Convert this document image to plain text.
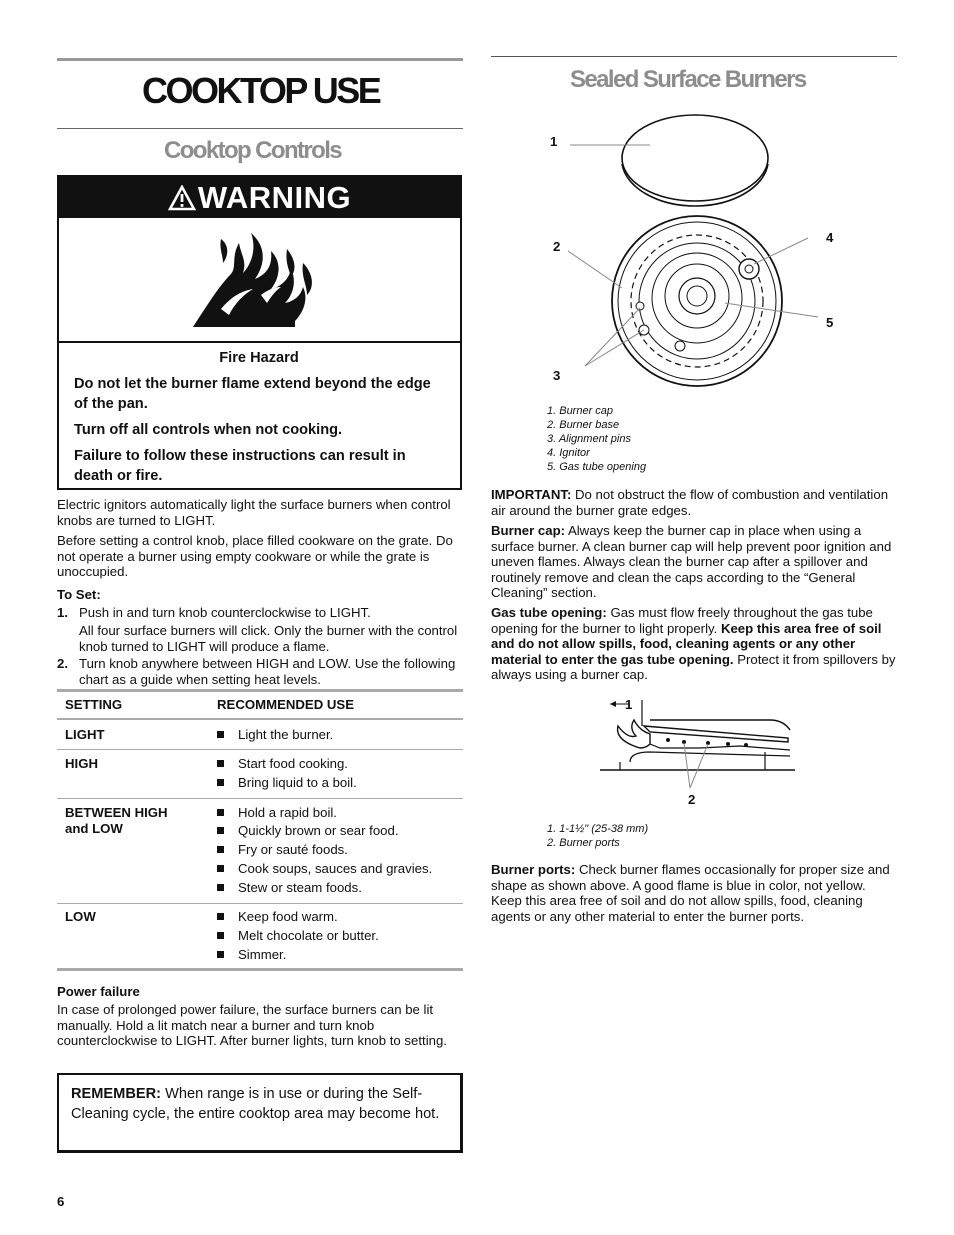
COOKTOP USE
Cooktop Controls
WARNING
Fire Hazard
Do not let the burner flame extend beyond the edge of the pan.
Turn off all controls when not cooking.
Failure to follow these instructions can result in death or fire.

Electric ignitors automatically light the surface burners when control knobs are turned to LIGHT.

Before setting a control knob, place filled cookware on the grate. Do not operate a burner using empty cookware or while the grate is unoccupied.

To Set:

1. Push in and turn knob counterclockwise to LIGHT.

All four surface burners will click. Only the burner with the control knob turned to LIGHT will produce a flame.

2. Turn knob anywhere between HIGH and LOW. Use the following chart as a guide when setting heat levels.

SETTING	RECOMMENDED USE
LIGHT	Light the burner.
HIGH	Start food cooking.
Bring liquid to a boil.
BETWEEN HIGH and LOW
Hold a rapid boil.
Quickly brown or sear food.
Fry or sauté foods.
Cook soups, sauces and gravies.
Stew or steam foods.
LOW	Keep food warm.
Melt chocolate or butter.
Simmer.

Power failure

In case of prolonged power failure, the surface burners can be lit manually. Hold a lit match near a burner and turn knob counterclockwise to LIGHT. After burner lights, turn knob to setting.

REMEMBER: When range is in use or during the Self-Cleaning cycle, the entire cooktop area may become hot.

6

Sealed Surface Burners
1
2
3
4
5
1. Burner cap
2. Burner base
3. Alignment pins
4. Ignitor
5. Gas tube opening

IMPORTANT: Do not obstruct the flow of combustion and ventilation air around the burner grate edges.

Burner cap: Always keep the burner cap in place when using a surface burner. A clean burner cap will help prevent poor ignition and uneven flames. Always clean the burner cap after a spillover and routinely remove and clean the caps according to the “General Cleaning” section.

Gas tube opening: Gas must flow freely throughout the gas tube opening for the burner to light properly. Keep this area free of soil and do not allow spills, food, cleaning agents or any other material to enter the gas tube opening. Protect it from spillovers by always using a burner cap.

1
2
1. 1-1½" (25-38 mm)
2. Burner ports

Burner ports: Check burner flames occasionally for proper size and shape as shown above. A good flame is blue in color, not yellow. Keep this area free of soil and do not allow spills, food, cleaning agents or any other material to enter the burner ports.
